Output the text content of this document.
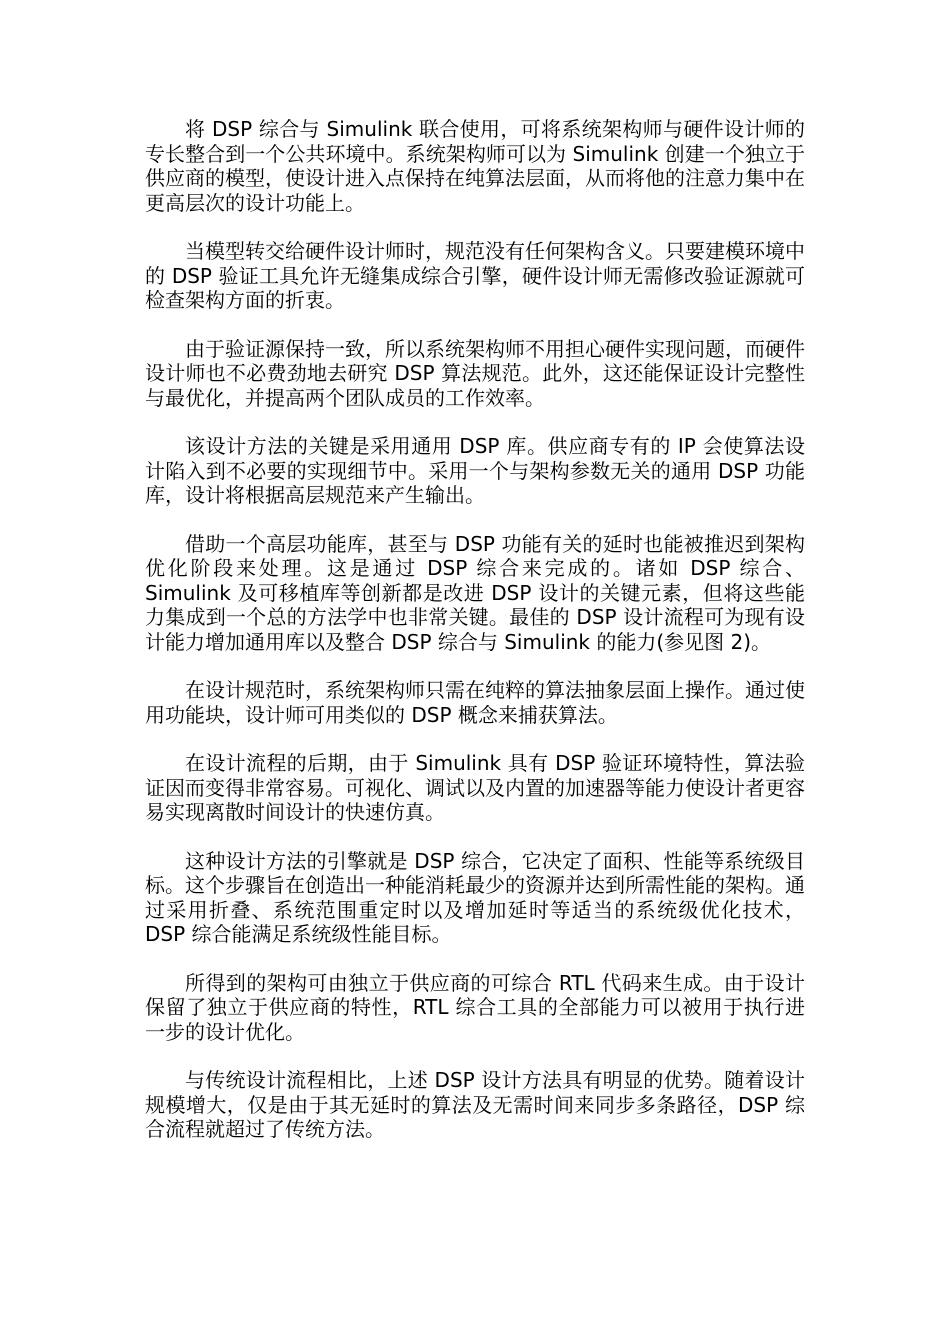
将 DSP 综合与 Simulink 联合使用，可将系统架构师与硬件设计师的专长整合到一个公共环境中。系统架构师可以为 Simulink 创建一个独立于供应商的模型，使设计进入点保持在纯算法层面，从而将他的注意力集中在更高层次的设计功能上。

当模型转交给硬件设计师时，规范没有任何架构含义。只要建模环境中的 DSP 验证工具允许无缝集成综合引擎，硬件设计师无需修改验证源就可检查架构方面的折衷。

由于验证源保持一致，所以系统架构师不用担心硬件实现问题，而硬件设计师也不必费劲地去研究 DSP 算法规范。此外，这还能保证设计完整性与最优化，并提高两个团队成员的工作效率。

该设计方法的关键是采用通用 DSP 库。供应商专有的 IP 会使算法设计陷入到不必要的实现细节中。采用一个与架构参数无关的通用 DSP 功能库，设计将根据高层规范来产生输出。

借助一个高层功能库，甚至与 DSP 功能有关的延时也能被推迟到架构优化阶段来处理。这是通过 DSP 综合来完成的。诸如 DSP 综合、Simulink 及可移植库等创新都是改进 DSP 设计的关键元素，但将这些能力集成到一个总的方法学中也非常关键。最佳的 DSP 设计流程可为现有设计能力增加通用库以及整合 DSP 综合与 Simulink 的能力(参见图 2)。

在设计规范时，系统架构师只需在纯粹的算法抽象层面上操作。通过使用功能块，设计师可用类似的 DSP 概念来捕获算法。

在设计流程的后期，由于 Simulink 具有 DSP 验证环境特性，算法验证因而变得非常容易。可视化、调试以及内置的加速器等能力使设计者更容易实现离散时间设计的快速仿真。

这种设计方法的引擎就是 DSP 综合，它决定了面积、性能等系统级目标。这个步骤旨在创造出一种能消耗最少的资源并达到所需性能的架构。通过采用折叠、系统范围重定时以及增加延时等适当的系统级优化技术，DSP 综合能满足系统级性能目标。

所得到的架构可由独立于供应商的可综合 RTL 代码来生成。由于设计保留了独立于供应商的特性，RTL 综合工具的全部能力可以被用于执行进一步的设计优化。

与传统设计流程相比，上述 DSP 设计方法具有明显的优势。随着设计规模增大，仅是由于其无延时的算法及无需时间来同步多条路径，DSP 综合流程就超过了传统方法。
